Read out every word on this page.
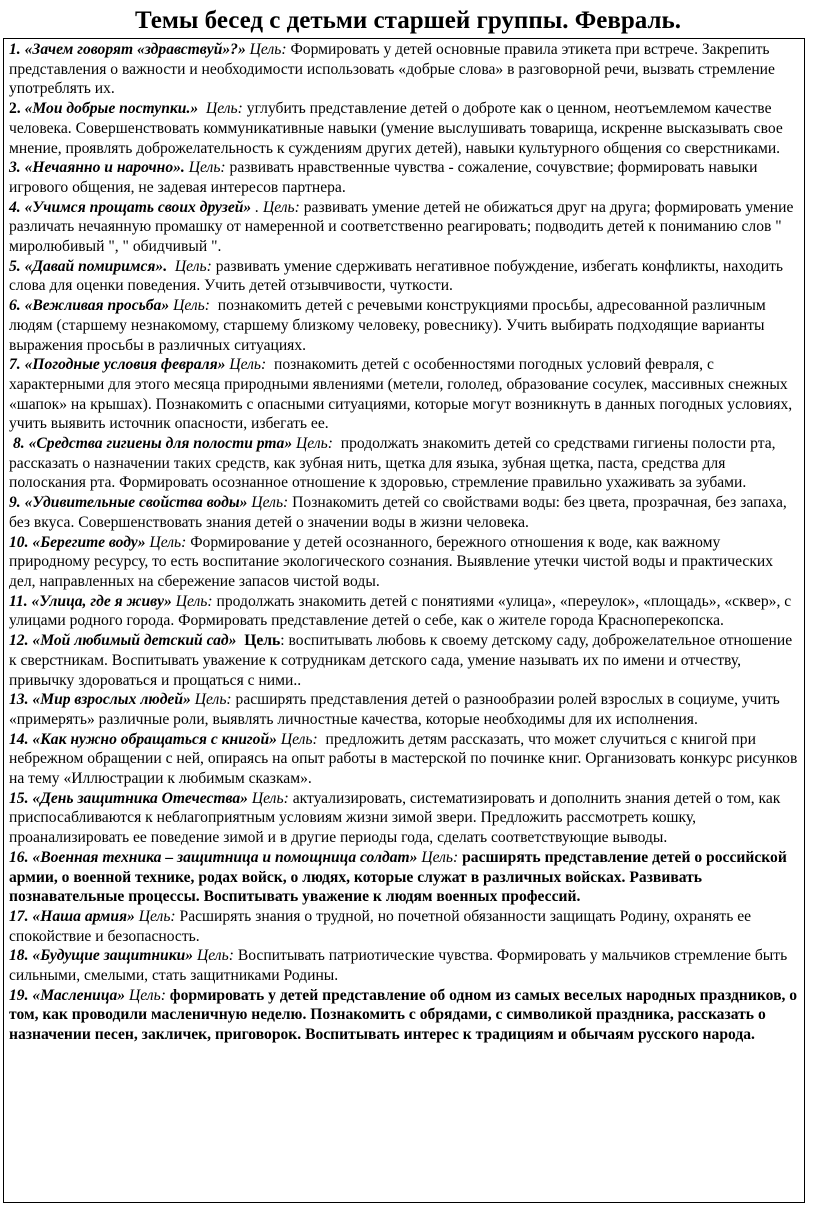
Темы бесед с детьми старшей группы. Февраль.

1. «Зачем говорят «здравствуй»?» Цель: Формировать у детей основные правила этикета при встрече. Закрепить представления о важности и необходимости использовать «добрые слова» в разговорной речи, вызвать стремление употреблять их.

2. «Мои добрые поступки.» Цель: углубить представление детей о доброте как о ценном, неотъемлемом качестве человека. Совершенствовать коммуникативные навыки (умение выслушивать товарища, искренне высказывать свое мнение, проявлять доброжелательность к суждениям других детей), навыки культурного общения со сверстниками.

3. «Нечаянно и нарочно». Цель: развивать нравственные чувства - сожаление, сочувствие; формировать навыки игрового общения, не задевая интересов партнера.

4. «Учимся прощать своих друзей» . Цель: развивать умение детей не обижаться друг на друга; формировать умение различать нечаянную промашку от намеренной и соответственно реагировать; подводить детей к пониманию слов " миролюбивый ", " обидчивый ".

5. «Давай помиримся». Цель: развивать умение сдерживать негативное побуждение, избегать конфликты, находить слова для оценки поведения. Учить детей отзывчивости, чуткости.

6. «Вежливая просьба» Цель: познакомить детей с речевыми конструкциями просьбы, адресованной различным людям (старшему незнакомому, старшему близкому человеку, ровеснику). Учить выбирать подходящие варианты выражения просьбы в различных ситуациях.

7. «Погодные условия февраля» Цель: познакомить детей с особенностями погодных условий февраля, с характерными для этого месяца природными явлениями (метели, гололед, образование сосулек, массивных снежных «шапок» на крышах). Познакомить с опасными ситуациями, которые могут возникнуть в данных погодных условиях, учить выявить источник опасности, избегать ее.

8. «Средства гигиены для полости рта» Цель: продолжать знакомить детей со средствами гигиены полости рта, рассказать о назначении таких средств, как зубная нить, щетка для языка, зубная щетка, паста, средства для полоскания рта. Формировать осознанное отношение к здоровью, стремление правильно ухаживать за зубами.

9. «Удивительные свойства воды» Цель: Познакомить детей со свойствами воды: без цвета, прозрачная, без запаха, без вкуса. Совершенствовать знания детей о значении воды в жизни человека.

10. «Берегите воду» Цель: Формирование у детей осознанного, бережного отношения к воде, как важному природному ресурсу, то есть воспитание экологического сознания. Выявление утечки чистой воды и практических дел, направленных на сбережение запасов чистой воды.

11. «Улица, где я живу» Цель: продолжать знакомить детей с понятиями «улица», «переулок», «площадь», «сквер», с улицами родного города. Формировать представление детей о себе, как о жителе города Красноперекопска.

12. «Мой любимый детский сад» Цель: воспитывать любовь к своему детскому саду, доброжелательное отношение к сверстникам. Воспитывать уважение к сотрудникам детского сада, умение называть их по имени и отчеству, привычку здороваться и прощаться с ними..

13. «Мир взрослых людей» Цель: расширять представления детей о разнообразии ролей взрослых в социуме, учить «примерять» различные роли, выявлять личностные качества, которые необходимы для их исполнения.

14. «Как нужно обращаться с книгой» Цель: предложить детям рассказать, что может случиться с книгой при небрежном обращении с ней, опираясь на опыт работы в мастерской по починке книг. Организовать конкурс рисунков на тему «Иллюстрации к любимым сказкам».

15. «День защитника Отечества» Цель: актуализировать, систематизировать и дополнить знания детей о том, как приспосабливаются к неблагоприятным условиям жизни зимой звери. Предложить рассмотреть кошку, проанализировать ее поведение зимой и в другие периоды года, сделать соответствующие выводы.

16. «Военная техника – защитница и помощница солдат» Цель: расширять представление детей о российской армии, о военной технике, родах войск, о людях, которые служат в различных войсках. Развивать познавательные процессы. Воспитывать уважение к людям военных профессий.

17. «Наша армия» Цель: Расширять знания о трудной, но почетной обязанности защищать Родину, охранять ее спокойствие и безопасность.

18. «Будущие защитники» Цель: Воспитывать патриотические чувства. Формировать у мальчиков стремление быть сильными, смелыми, стать защитниками Родины.

19. «Масленица» Цель: формировать у детей представление об одном из самых веселых народных праздников, о том, как проводили масленичную неделю. Познакомить с обрядами, с символикой праздника, рассказать о назначении песен, закличек, приговорок. Воспитывать интерес к традициям и обычаям русского народа.
